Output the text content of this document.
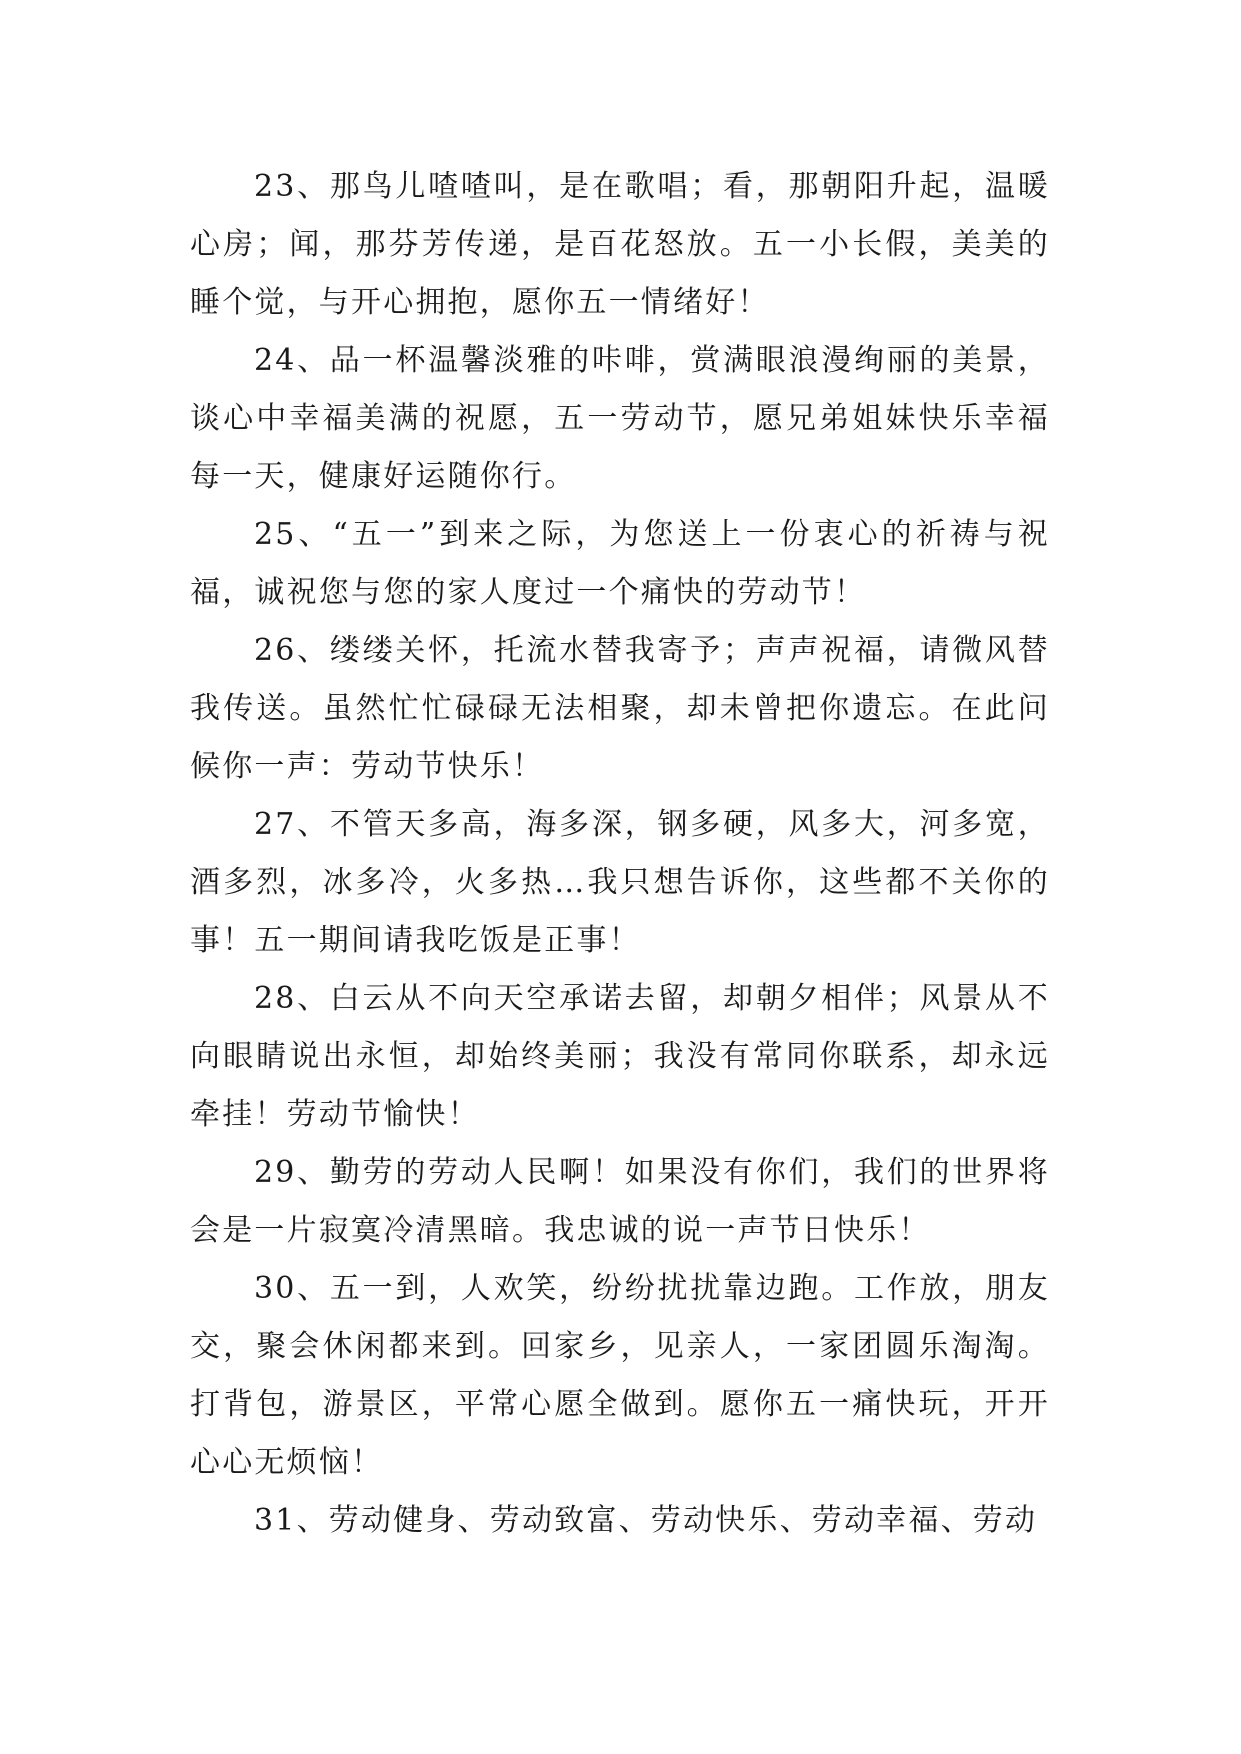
23、那鸟儿喳喳叫，是在歌唱；看，那朝阳升起，温暖心房；闻，那芬芳传递，是百花怒放。五一小长假，美美的睡个觉，与开心拥抱，愿你五一情绪好！

24、品一杯温馨淡雅的咔啡，赏满眼浪漫绚丽的美景，谈心中幸福美满的祝愿，五一劳动节，愿兄弟姐妹快乐幸福每一天，健康好运随你行。

25、“五一”到来之际，为您送上一份衷心的祈祷与祝福，诚祝您与您的家人度过一个痛快的劳动节！

26、缕缕关怀，托流水替我寄予；声声祝福，请微风替我传送。虽然忙忙碌碌无法相聚，却未曾把你遗忘。在此问候你一声：劳动节快乐！

27、不管天多高，海多深，钢多硬，风多大，河多宽，酒多烈，冰多冷，火多热…我只想告诉你，这些都不关你的事！五一期间请我吃饭是正事！

28、白云从不向天空承诺去留，却朝夕相伴；风景从不向眼睛说出永恒，却始终美丽；我没有常同你联系，却永远牵挂！劳动节愉快！

29、勤劳的劳动人民啊！如果没有你们，我们的世界将会是一片寂寞冷清黑暗。我忠诚的说一声节日快乐！

30、五一到，人欢笑，纷纷扰扰靠边跑。工作放，朋友交，聚会休闲都来到。回家乡，见亲人，一家团圆乐淘淘。打背包，游景区，平常心愿全做到。愿你五一痛快玩，开开心心无烦恼！

31、劳动健身、劳动致富、劳动快乐、劳动幸福、劳动
